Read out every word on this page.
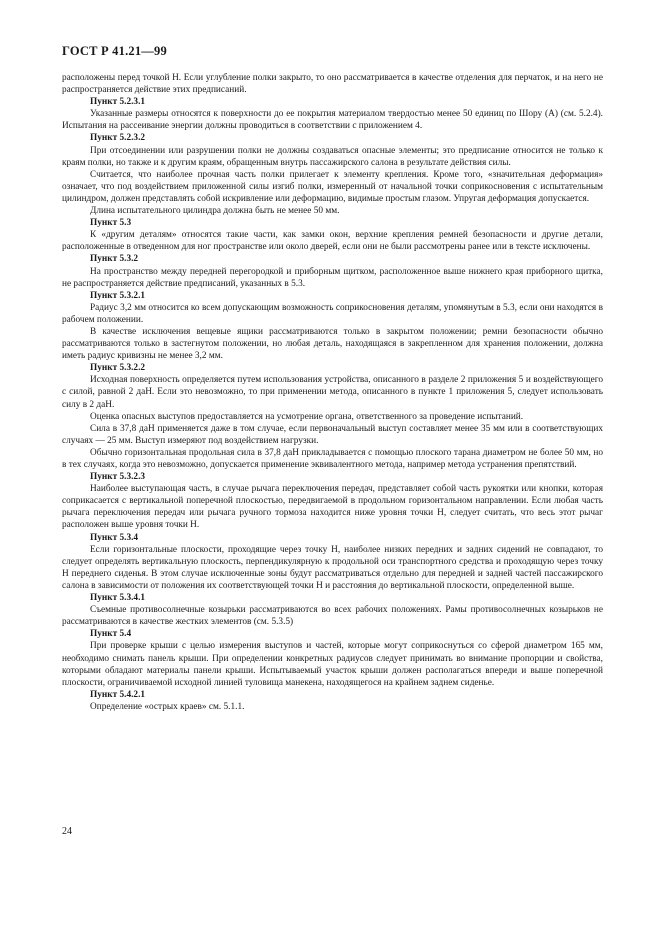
ГОСТ Р 41.21—99

расположены перед точкой H. Если углубление полки закрыто, то оно рассматривается в качестве отделения для перчаток, и на него не распространяется действие этих предписаний.

Пункт 5.2.3.1

Указанные размеры относятся к поверхности до ее покрытия материалом твердостью менее 50 единиц по Шору (А) (см. 5.2.4). Испытания на рассеивание энергии должны проводиться в соответствии с приложением 4.

Пункт 5.2.3.2

При отсоединении или разрушении полки не должны создаваться опасные элементы; это предписание относится не только к краям полки, но также и к другим краям, обращенным внутрь пассажирского салона в результате действия силы.

Считается, что наиболее прочная часть полки прилегает к элементу крепления. Кроме того, «значительная деформация» означает, что под воздействием приложенной силы изгиб полки, измеренный от начальной точки соприкосновения с испытательным цилиндром, должен представлять собой искривление или деформацию, видимые простым глазом. Упругая деформация допускается.

Длина испытательного цилиндра должна быть не менее 50 мм.

Пункт 5.3

К «другим деталям» относятся такие части, как замки окон, верхние крепления ремней безопасности и другие детали, расположенные в отведенном для ног пространстве или около дверей, если они не были рассмотрены ранее или в тексте исключены.

Пункт 5.3.2

На пространство между передней перегородкой и приборным щитком, расположенное выше нижнего края приборного щитка, не распространяется действие предписаний, указанных в 5.3.

Пункт 5.3.2.1

Радиус 3,2 мм относится ко всем допускающим возможность соприкосновения деталям, упомянутым в 5.3, если они находятся в рабочем положении.

В качестве исключения вещевые ящики рассматриваются только в закрытом положении; ремни безопасности обычно рассматриваются только в застегнутом положении, но любая деталь, находящаяся в закрепленном для хранения положении, должна иметь радиус кривизны не менее 3,2 мм.

Пункт 5.3.2.2

Исходная поверхность определяется путем использования устройства, описанного в разделе 2 приложения 5 и воздействующего с силой, равной 2 даН. Если это невозможно, то при применении метода, описанного в пункте 1 приложения 5, следует использовать силу в 2 даН.

Оценка опасных выступов предоставляется на усмотрение органа, ответственного за проведение испытаний.

Сила в 37,8 даН применяется даже в том случае, если первоначальный выступ составляет менее 35 мм или в соответствующих случаях — 25 мм. Выступ измеряют под воздействием нагрузки.

Обычно горизонтальная продольная сила в 37,8 даН прикладывается с помощью плоского тарана диаметром не более 50 мм, но в тех случаях, когда это невозможно, допускается применение эквивалентного метода, например метода устранения препятствий.

Пункт 5.3.2.3

Наиболее выступающая часть, в случае рычага переключения передач, представляет собой часть рукоятки или кнопки, которая соприкасается с вертикальной поперечной плоскостью, передвигаемой в продольном горизонтальном направлении. Если любая часть рычага переключения передач или рычага ручного тормоза находится ниже уровня точки H, следует считать, что весь этот рычаг расположен выше уровня точки H.

Пункт 5.3.4

Если горизонтальные плоскости, проходящие через точку H, наиболее низких передних и задних сидений не совпадают, то следует определять вертикальную плоскость, перпендикулярную к продольной оси транспортного средства и проходящую через точку H переднего сиденья. В этом случае исключенные зоны будут рассматриваться отдельно для передней и задней частей пассажирского салона в зависимости от положения их соответствующей точки H и расстояния до вертикальной плоскости, определенной выше.

Пункт 5.3.4.1

Съемные противосолнечные козырьки рассматриваются во всех рабочих положениях. Рамы противосолнечных козырьков не рассматриваются в качестве жестких элементов (см. 5.3.5)

Пункт 5.4

При проверке крыши с целью измерения выступов и частей, которые могут соприкоснуться со сферой диаметром 165 мм, необходимо снимать панель крыши. При определении конкретных радиусов следует принимать во внимание пропорции и свойства, которыми обладают материалы панели крыши. Испытываемый участок крыши должен располагаться впереди и выше поперечной плоскости, ограничиваемой исходной линией туловища манекена, находящегося на крайнем заднем сиденье.

Пункт 5.4.2.1

Определение «острых краев» см. 5.1.1.

24
